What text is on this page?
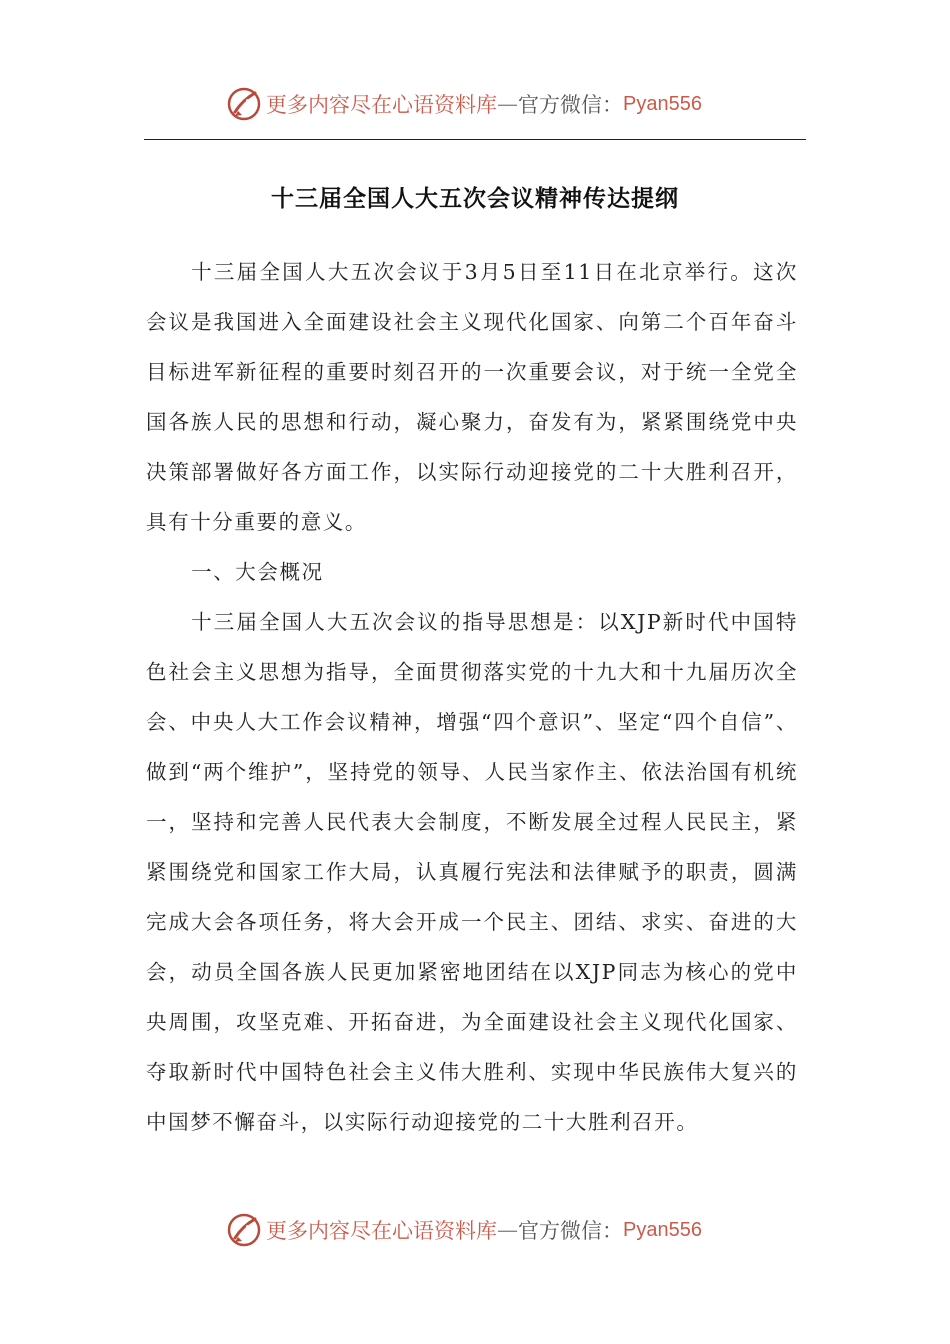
更多内容尽在心语资料库 — 官方微信： Pyan556
十三届全国人大五次会议精神传达提纲

十三届全国人大五次会议于3月5日至11日在北京举行。这次会议是我国进入全面建设社会主义现代化国家、向第二个百年奋斗目标进军新征程的重要时刻召开的一次重要会议，对于统一全党全国各族人民的思想和行动，凝心聚力，奋发有为，紧紧围绕党中央决策部署做好各方面工作，以实际行动迎接党的二十大胜利召开，具有十分重要的意义。

一、大会概况

十三届全国人大五次会议的指导思想是：以XJP新时代中国特色社会主义思想为指导，全面贯彻落实党的十九大和十九届历次全会、中央人大工作会议精神，增强“四个意识”、坚定“四个自信”、做到“两个维护”，坚持党的领导、人民当家作主、依法治国有机统一，坚持和完善人民代表大会制度，不断发展全过程人民民主，紧紧围绕党和国家工作大局，认真履行宪法和法律赋予的职责，圆满完成大会各项任务，将大会开成一个民主、团结、求实、奋进的大会，动员全国各族人民更加紧密地团结在以XJP同志为核心的党中央周围，攻坚克难、开拓奋进，为全面建设社会主义现代化国家、夺取新时代中国特色社会主义伟大胜利、实现中华民族伟大复兴的中国梦不懈奋斗，以实际行动迎接党的二十大胜利召开。

更多内容尽在心语资料库 — 官方微信： Pyan556
